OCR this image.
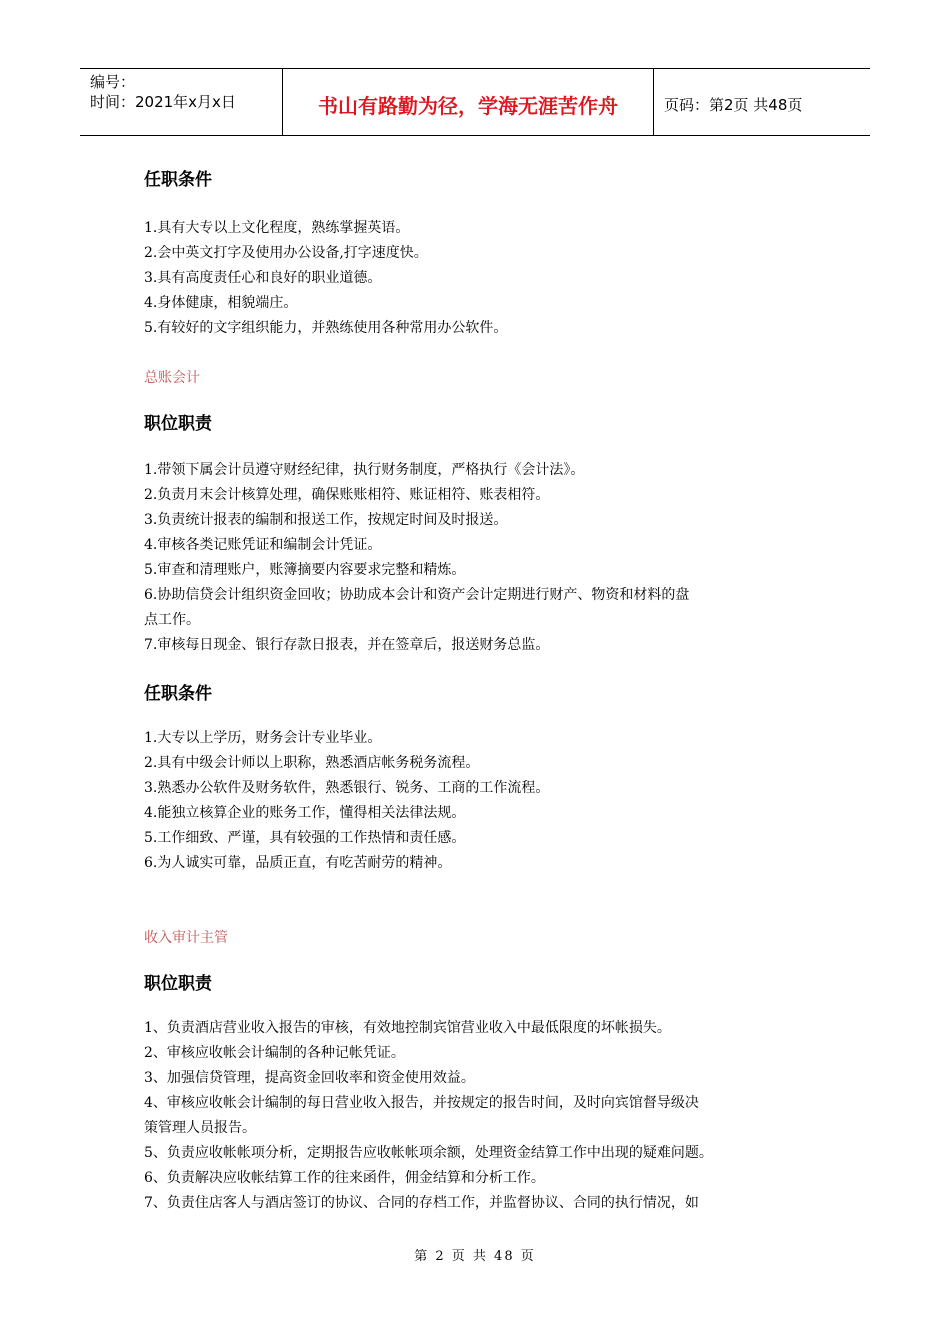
编号：
时间：2021年x月x日	书山有路勤为径，学海无涯苦作舟	页码：第2页 共48页

任职条件

1.具有大专以上文化程度，熟练掌握英语。
2.会中英文打字及使用办公设备,打字速度快。
3.具有高度责任心和良好的职业道德。
4.身体健康，相貌端庄。
5.有较好的文字组织能力，并熟练使用各种常用办公软件。

总账会计

职位职责

1.带领下属会计员遵守财经纪律，执行财务制度，严格执行《会计法》。
2.负责月末会计核算处理，确保账账相符、账证相符、账表相符。
3.负责统计报表的编制和报送工作，按规定时间及时报送。
4.审核各类记账凭证和编制会计凭证。
5.审查和清理账户，账簿摘要内容要求完整和精炼。
6.协助信贷会计组织资金回收；协助成本会计和资产会计定期进行财产、物资和材料的盘
点工作。
7.审核每日现金、银行存款日报表，并在签章后，报送财务总监。

任职条件

1.大专以上学历，财务会计专业毕业。
2.具有中级会计师以上职称，熟悉酒店帐务税务流程。
3.熟悉办公软件及财务软件，熟悉银行、锐务、工商的工作流程。
4.能独立核算企业的账务工作，懂得相关法律法规。
5.工作细致、严谨，具有较强的工作热情和责任感。
6.为人诚实可靠，品质正直，有吃苦耐劳的精神。

收入审计主管

职位职责

1、负责酒店营业收入报告的审核，有效地控制宾馆营业收入中最低限度的坏帐损失。
2、审核应收帐会计编制的各种记帐凭证。
3、加强信贷管理，提高资金回收率和资金使用效益。
4、审核应收帐会计编制的每日营业收入报告，并按规定的报告时间，及时向宾馆督导级决
策管理人员报告。
5、负责应收帐帐项分析，定期报告应收帐帐项余额，处理资金结算工作中出现的疑难问题。
6、负责解决应收帐结算工作的往来函件，佣金结算和分析工作。
7、负责住店客人与酒店签订的协议、合同的存档工作，并监督协议、合同的执行情况，如
第 2 页 共 48 页
